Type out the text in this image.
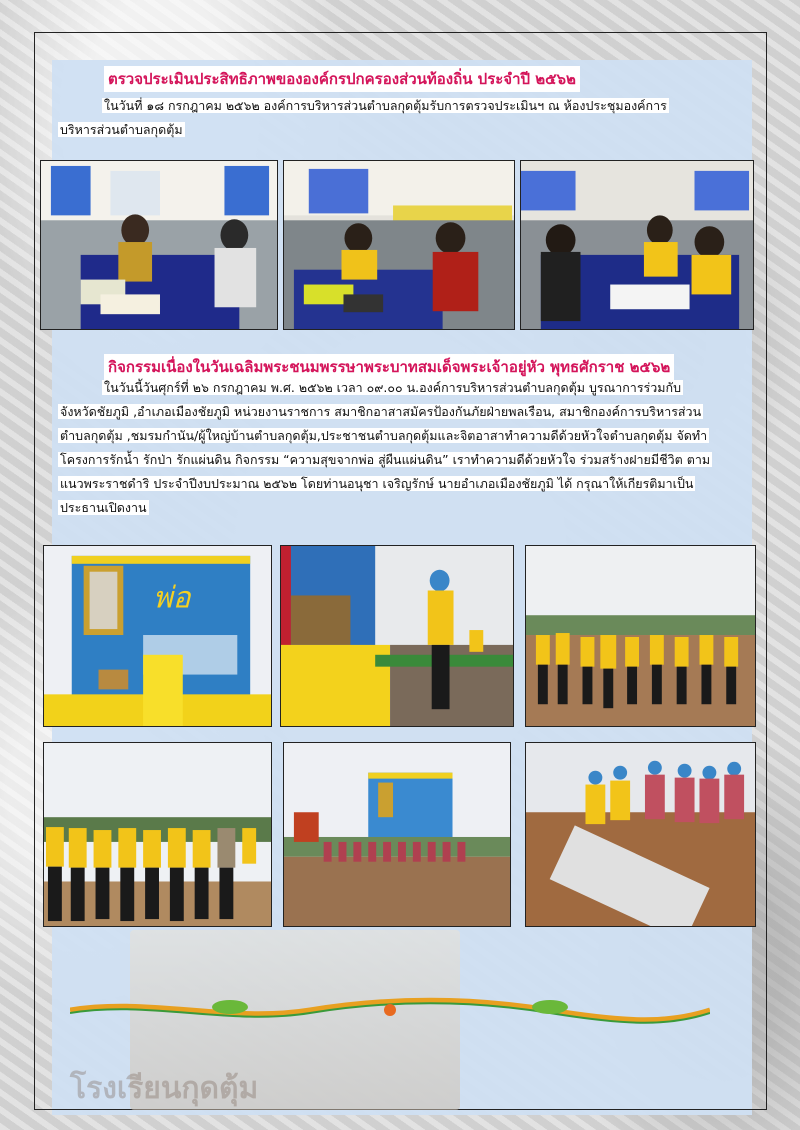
โรงเรียนกุดตุ้ม
ตรวจประเมินประสิทธิภาพขององค์กรปกครองส่วนท้องถิ่น ประจำปี ๒๕๖๒
ในวันที่ ๑๘ กรกฎาคม ๒๕๖๒ องค์การบริหารส่วนตำบลกุดตุ้มรับการตรวจประเมินฯ ณ ห้องประชุมองค์การ
บริหารส่วนตำบลกุดตุ้ม
กิจกรรมเนื่องในวันเฉลิมพระชนมพรรษาพระบาทสมเด็จพระเจ้าอยู่หัว พุทธศักราช ๒๕๖๒
ในวันนี้วันศุกร์ที่ ๒๖ กรกฎาคม พ.ศ. ๒๕๖๒ เวลา ๐๙.๐๐ น.องค์การบริหารส่วนตำบลกุดตุ้ม บูรณาการร่วมกับ
จังหวัดชัยภูมิ ,อำเภอเมืองชัยภูมิ หน่วยงานราชการ สมาชิกอาสาสมัครป้องกันภัยฝ่ายพลเรือน, สมาชิกองค์การบริหารส่วน
ตำบลกุดตุ้ม ,ชมรมกำนัน/ผู้ใหญ่บ้านตำบลกุดตุ้ม,ประชาชนตำบลกุดตุ้มและจิตอาสาทำความดีด้วยหัวใจตำบลกุดตุ้ม จัดทำ
โครงการรักน้ำ รักป่า รักแผ่นดิน กิจกรรม “ความสุขจากพ่อ สู่ผืนแผ่นดิน” เราทำความดีด้วยหัวใจ ร่วมสร้างฝายมีชีวิต ตาม
แนวพระราชดำริ ประจำปีงบประมาณ ๒๕๖๒ โดยท่านอนุชา เจริญรักษ์ นายอำเภอเมืองชัยภูมิ ได้ กรุณาให้เกียรติมาเป็น
ประธานเปิดงาน
พ่อ
